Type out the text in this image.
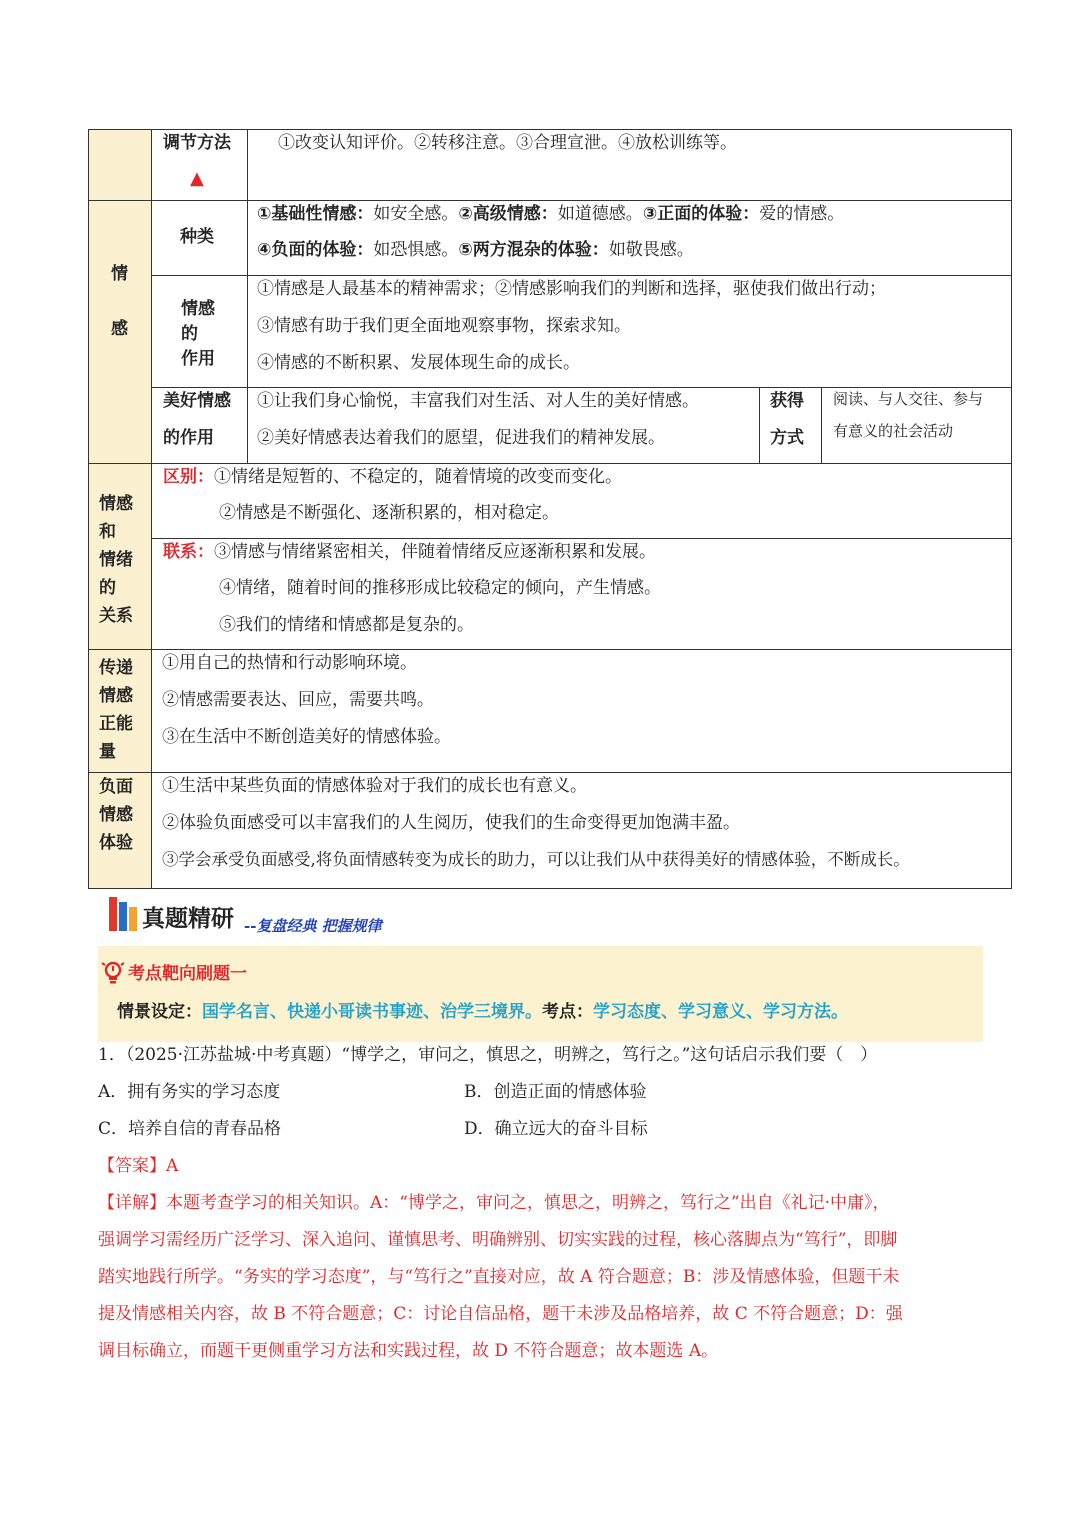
调节方法
▲
①改变认知评价。②转移注意。③合理宣泄。④放松训练等。
情
感
种类
①基础性情感：如安全感。②高级情感：如道德感。③正面的体验：爱的情感。
④负面的体验：如恐惧感。⑤两方混杂的体验：如敬畏感。
情感
的
作用
①情感是人最基本的精神需求；②情感影响我们的判断和选择，驱使我们做出行动；
③情感有助于我们更全面地观察事物，探索求知。
④情感的不断积累、发展体现生命的成长。
美好情感
的作用
①让我们身心愉悦，丰富我们对生活、对人生的美好情感。
②美好情感表达着我们的愿望，促进我们的精神发展。
获得
方式
阅读、与人交往、参与
有意义的社会活动
情感
和
情绪
的
关系
区别：①情绪是短暂的、不稳定的，随着情境的改变而变化。
②情感是不断强化、逐渐积累的，相对稳定。
联系：③情感与情绪紧密相关，伴随着情绪反应逐渐积累和发展。
④情绪，随着时间的推移形成比较稳定的倾向，产生情感。
⑤我们的情绪和情感都是复杂的。
传递
情感
正能
量
①用自己的热情和行动影响环境。
②情感需要表达、回应，需要共鸣。
③在生活中不断创造美好的情感体验。
负面
情感
体验
①生活中某些负面的情感体验对于我们的成长也有意义。
②体验负面感受可以丰富我们的人生阅历，使我们的生命变得更加饱满丰盈。
③学会承受负面感受,将负面情感转变为成长的助力，可以让我们从中获得美好的情感体验，不断成长。
真题精研 --复盘经典 把握规律
考点靶向刷题一
情景设定：国学名言、快递小哥读书事迹、治学三境界。考点：学习态度、学习意义、学习方法。
1．（2025·江苏盐城·中考真题）“博学之，审问之，慎思之，明辨之，笃行之。”这句话启示我们要（　）
A．拥有务实的学习态度	B．创造正面的情感体验
C．培养自信的青春品格	D．确立远大的奋斗目标
【答案】A
【详解】本题考查学习的相关知识。A：“博学之，审问之，慎思之，明辨之，笃行之”出自《礼记·中庸》，
强调学习需经历广泛学习、深入追问、谨慎思考、明确辨别、切实实践的过程，核心落脚点为“笃行”，即脚
踏实地践行所学。“务实的学习态度”，与“笃行之”直接对应，故 A 符合题意；B：涉及情感体验，但题干未
提及情感相关内容，故 B 不符合题意；C：讨论自信品格，题干未涉及品格培养，故 C 不符合题意；D：强
调目标确立，而题干更侧重学习方法和实践过程，故 D 不符合题意；故本题选 A。
